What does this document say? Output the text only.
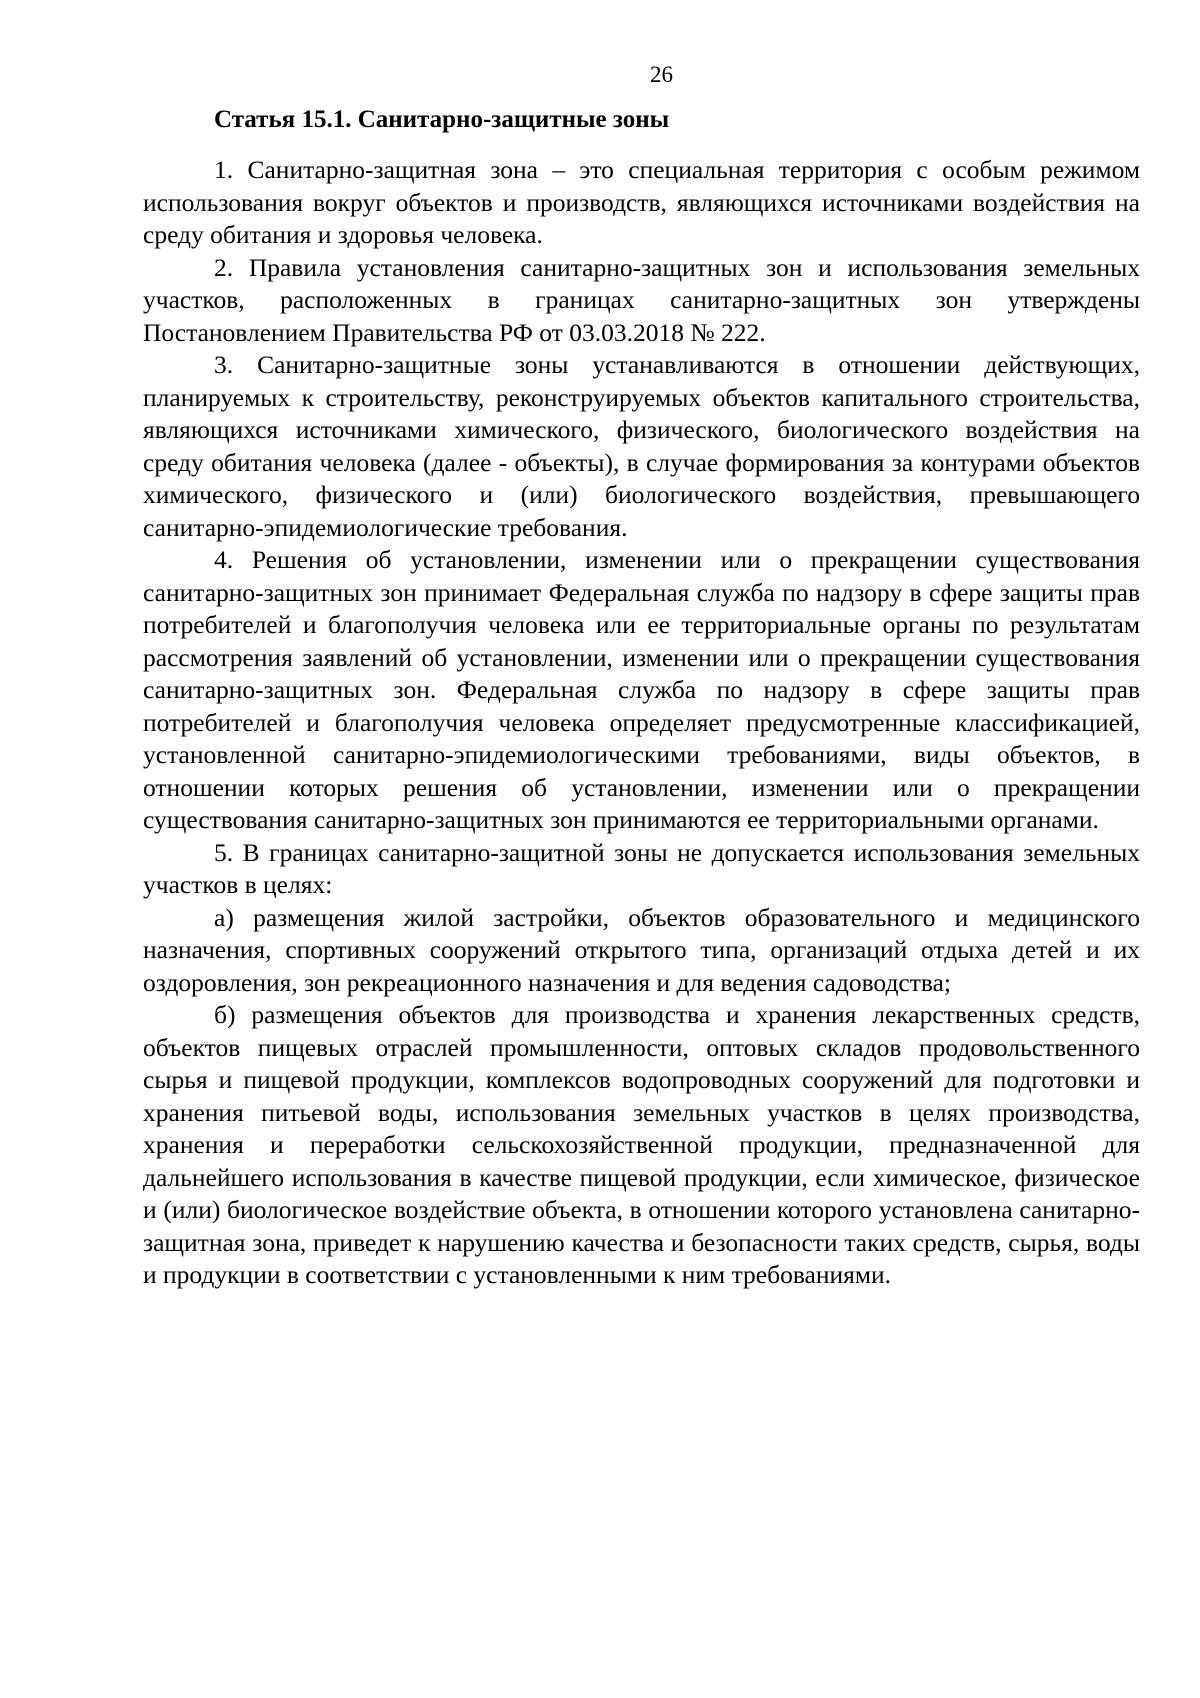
26
Статья 15.1. Санитарно-защитные зоны

1. Санитарно-защитная зона – это специальная территория с особым режимом использования вокруг объектов и производств, являющихся источниками воздействия на среду обитания и здоровья человека.

2. Правила установления санитарно-защитных зон и использования земельных участков, расположенных в границах санитарно-защитных зон утверждены Постановлением Правительства РФ от 03.03.2018 № 222.

3. Санитарно-защитные зоны устанавливаются в отношении действующих, планируемых к строительству, реконструируемых объектов капитального строительства, являющихся источниками химического, физического, биологического воздействия на среду обитания человека (далее - объекты), в случае формирования за контурами объектов химического, физического и (или) биологического воздействия, превышающего санитарно-эпидемиологические требования.

4. Решения об установлении, изменении или о прекращении существования санитарно-защитных зон принимает Федеральная служба по надзору в сфере защиты прав потребителей и благополучия человека или ее территориальные органы по результатам рассмотрения заявлений об установлении, изменении или о прекращении существования санитарно-защитных зон. Федеральная служба по надзору в сфере защиты прав потребителей и благополучия человека определяет предусмотренные классификацией, установленной санитарно-эпидемиологическими требованиями, виды объектов, в отношении которых решения об установлении, изменении или о прекращении существования санитарно-защитных зон принимаются ее территориальными органами.

5. В границах санитарно-защитной зоны не допускается использования земельных участков в целях:

а) размещения жилой застройки, объектов образовательного и медицинского назначения, спортивных сооружений открытого типа, организаций отдыха детей и их оздоровления, зон рекреационного назначения и для ведения садоводства;

б) размещения объектов для производства и хранения лекарственных средств, объектов пищевых отраслей промышленности, оптовых складов продовольственного сырья и пищевой продукции, комплексов водопроводных сооружений для подготовки и хранения питьевой воды, использования земельных участков в целях производства, хранения и переработки сельскохозяйственной продукции, предназначенной для дальнейшего использования в качестве пищевой продукции, если химическое, физическое и (или) биологическое воздействие объекта, в отношении которого установлена санитарно-защитная зона, приведет к нарушению качества и безопасности таких средств, сырья, воды и продукции в соответствии с установленными к ним требованиями.
